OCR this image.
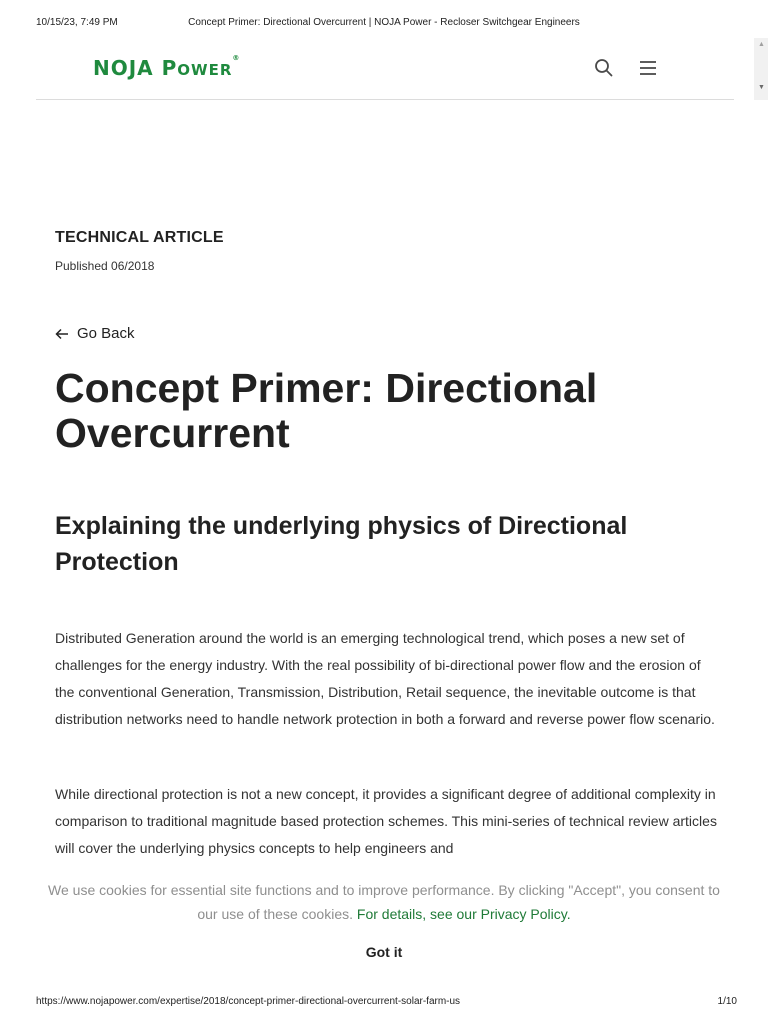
10/15/23, 7:49 PM	Concept Primer: Directional Overcurrent | NOJA Power - Recloser Switchgear Engineers
NOJA POWER®
▲
▼
TECHNICAL ARTICLE
Published 06/2018
Go Back
Concept Primer: Directional Overcurrent
Explaining the underlying physics of Directional Protection

Distributed Generation around the world is an emerging technological trend, which poses a new set of challenges for the energy industry. With the real possibility of bi-directional power flow and the erosion of the conventional Generation, Transmission, Distribution, Retail sequence, the inevitable outcome is that distribution networks need to handle network protection in both a forward and reverse power flow scenario.

While directional protection is not a new concept, it provides a significant degree of additional complexity in comparison to traditional magnitude based protection schemes. This mini-series of technical review articles will cover the underlying physics concepts to help engineers and

We use cookies for essential site functions and to improve performance. By clicking "Accept", you consent to our use of these cookies. For details, see our Privacy Policy.
Got it
https://www.nojapower.com/expertise/2018/concept-primer-directional-overcurrent-solar-farm-us	1/10
